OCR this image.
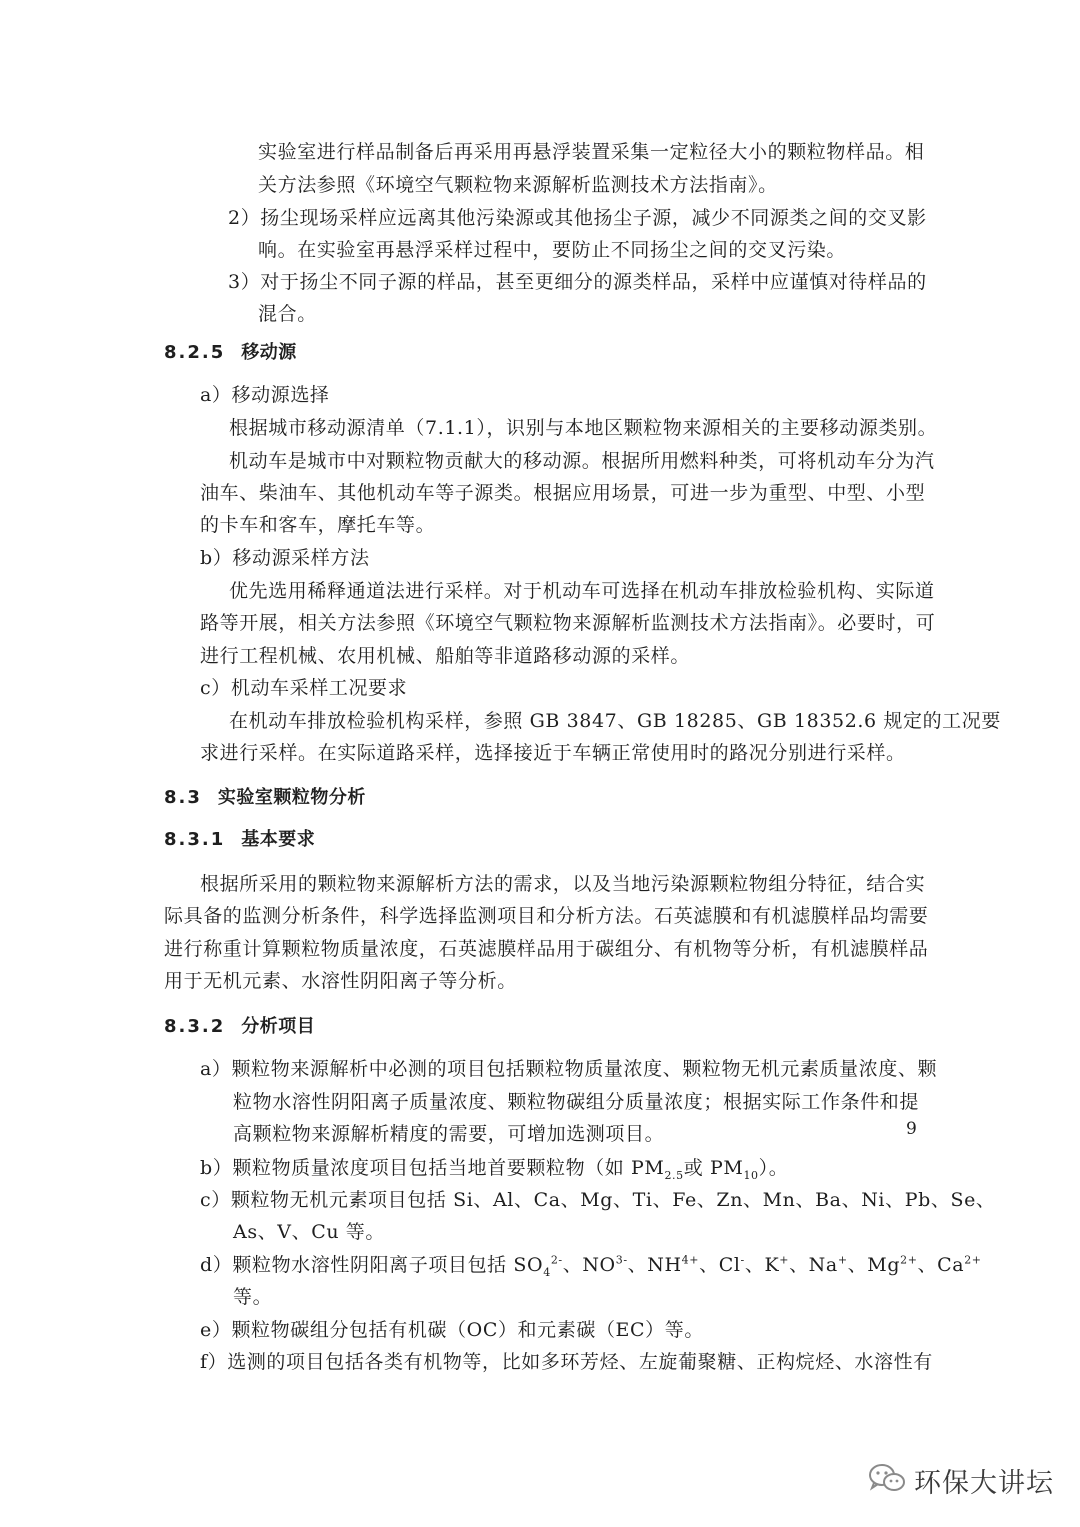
实验室进行样品制备后再采用再悬浮装置采集一定粒径大小的颗粒物样品。相
关方法参照《环境空气颗粒物来源解析监测技术方法指南》。
2）扬尘现场采样应远离其他污染源或其他扬尘子源，减少不同源类之间的交叉影
响。在实验室再悬浮采样过程中，要防止不同扬尘之间的交叉污染。
3）对于扬尘不同子源的样品，甚至更细分的源类样品，采样中应谨慎对待样品的
混合。
8.2.5 移动源
a）移动源选择
根据城市移动源清单（7.1.1），识别与本地区颗粒物来源相关的主要移动源类别。
机动车是城市中对颗粒物贡献大的移动源。根据所用燃料种类，可将机动车分为汽
油车、柴油车、其他机动车等子源类。根据应用场景，可进一步为重型、中型、小型
的卡车和客车，摩托车等。
b）移动源采样方法
优先选用稀释通道法进行采样。对于机动车可选择在机动车排放检验机构、实际道
路等开展，相关方法参照《环境空气颗粒物来源解析监测技术方法指南》。必要时，可
进行工程机械、农用机械、船舶等非道路移动源的采样。
c）机动车采样工况要求
在机动车排放检验机构采样，参照 GB 3847、GB 18285、GB 18352.6 规定的工况要
求进行采样。在实际道路采样，选择接近于车辆正常使用时的路况分别进行采样。
8.3 实验室颗粒物分析
8.3.1 基本要求
根据所采用的颗粒物来源解析方法的需求，以及当地污染源颗粒物组分特征，结合实
际具备的监测分析条件，科学选择监测项目和分析方法。石英滤膜和有机滤膜样品均需要
进行称重计算颗粒物质量浓度，石英滤膜样品用于碳组分、有机物等分析，有机滤膜样品
用于无机元素、水溶性阴阳离子等分析。
8.3.2 分析项目
a）颗粒物来源解析中必测的项目包括颗粒物质量浓度、颗粒物无机元素质量浓度、颗
粒物水溶性阴阳离子质量浓度、颗粒物碳组分质量浓度；根据实际工作条件和提
高颗粒物来源解析精度的需要，可增加选测项目。
b）颗粒物质量浓度项目包括当地首要颗粒物（如 $PM_{2.5}$或 $PM_{10}$）。
c）颗粒物无机元素项目包括 Si、Al、Ca、Mg、Ti、Fe、Zn、Mn、Ba、Ni、Pb、Se、
As、V、Cu 等。
d）颗粒物水溶性阴阳离子项目包括 $SO_4^{2-}$、$NO^{3-}$、$NH^{4+}$、Cl-、K+、Na+、$Mg^{2+}$、$Ca^{2+}$
等。
e）颗粒物碳组分包括有机碳（OC）和元素碳（EC）等。
f）选测的项目包括各类有机物等，比如多环芳烃、左旋葡聚糖、正构烷烃、水溶性有
9
环保大讲坛
